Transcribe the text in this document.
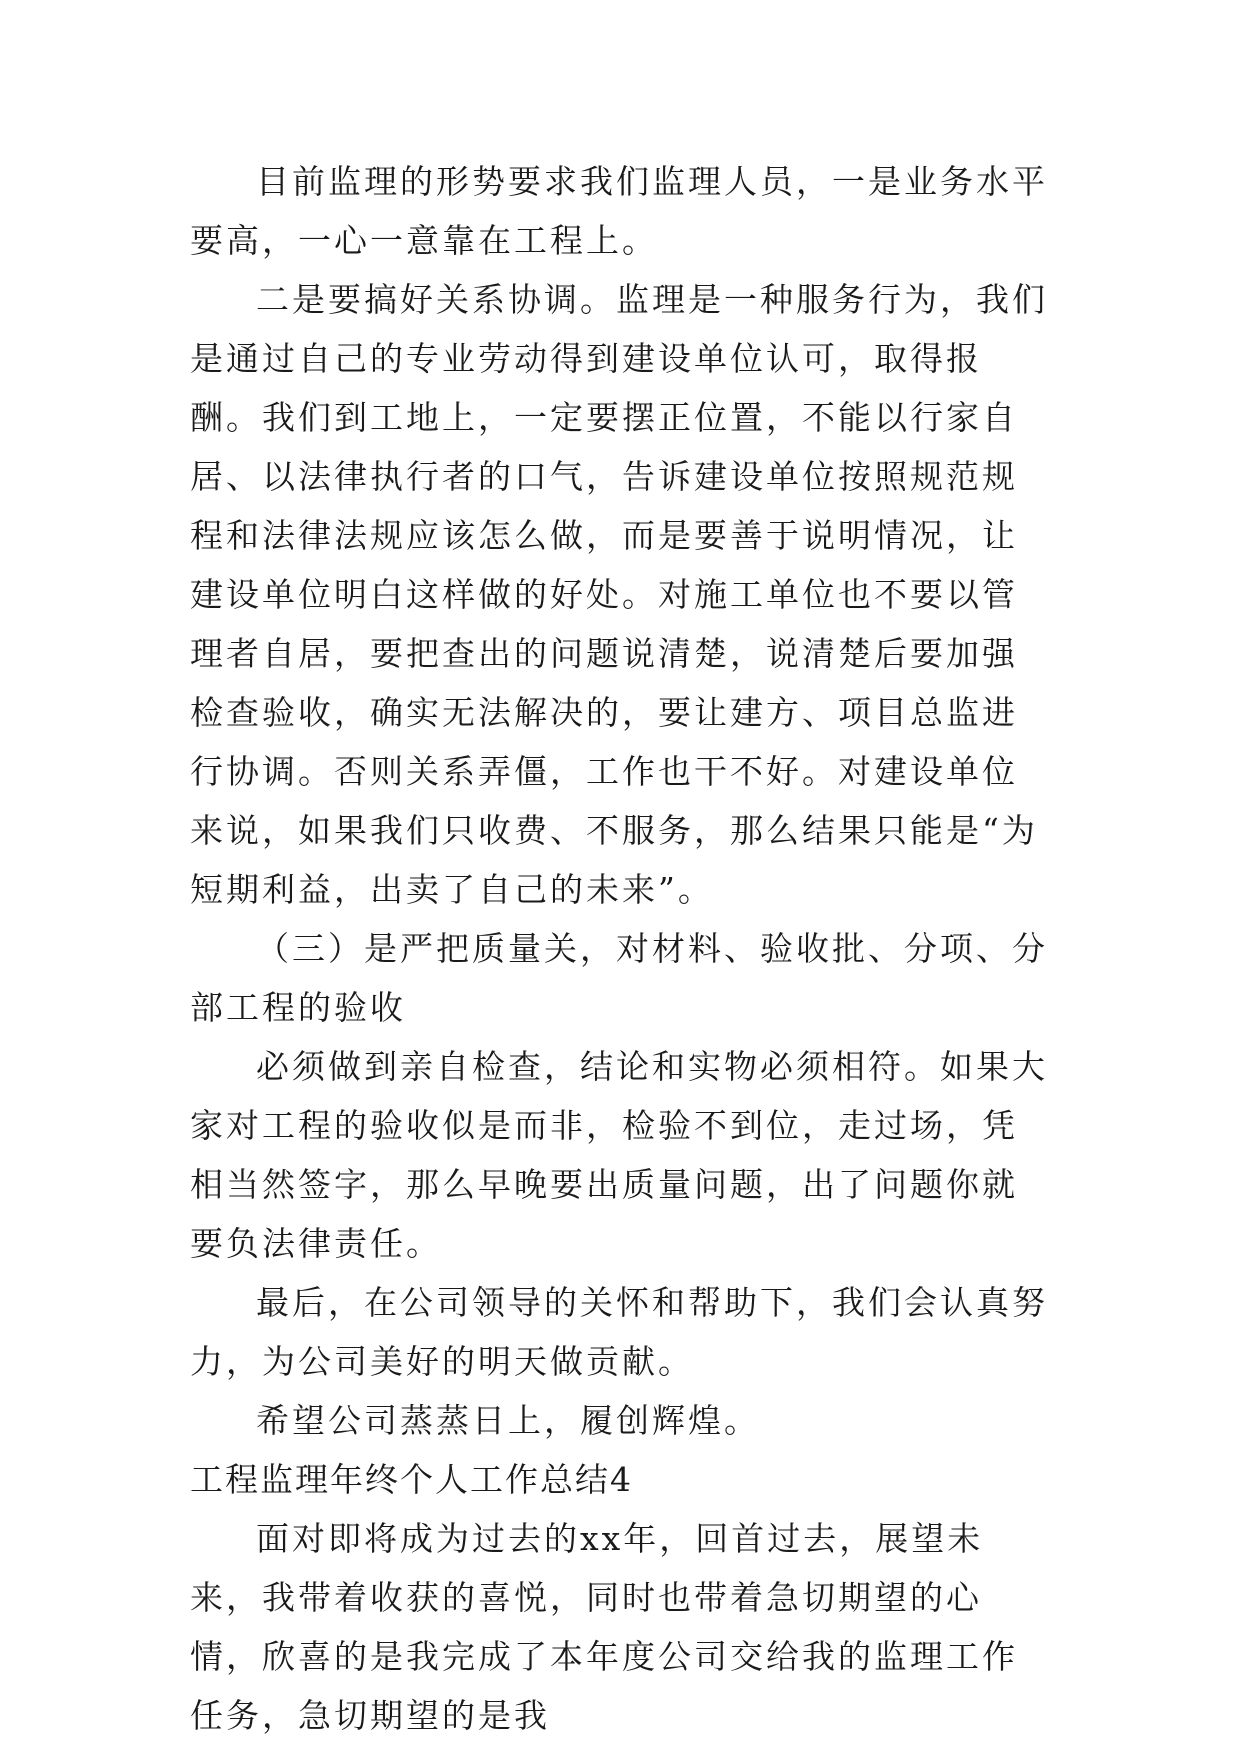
目前监理的形势要求我们监理人员，一是业务水平要高，一心一意靠在工程上。

二是要搞好关系协调。监理是一种服务行为，我们是通过自己的专业劳动得到建设单位认可，取得报酬。我们到工地上，一定要摆正位置，不能以行家自居、以法律执行者的口气，告诉建设单位按照规范规程和法律法规应该怎么做，而是要善于说明情况，让建设单位明白这样做的好处。对施工单位也不要以管理者自居，要把查出的问题说清楚，说清楚后要加强检查验收，确实无法解决的，要让建方、项目总监进行协调。否则关系弄僵，工作也干不好。对建设单位来说，如果我们只收费、不服务，那么结果只能是“为短期利益，出卖了自己的未来”。

（三）是严把质量关，对材料、验收批、分项、分部工程的验收

必须做到亲自检查，结论和实物必须相符。如果大家对工程的验收似是而非，检验不到位，走过场，凭相当然签字，那么早晚要出质量问题，出了问题你就要负法律责任。

最后，在公司领导的关怀和帮助下，我们会认真努力，为公司美好的明天做贡献。

希望公司蒸蒸日上，履创辉煌。

工程监理年终个人工作总结4

面对即将成为过去的xx年，回首过去，展望未来，我带着收获的喜悦，同时也带着急切期望的心情，欣喜的是我完成了本年度公司交给我的监理工作任务，急切期望的是我
